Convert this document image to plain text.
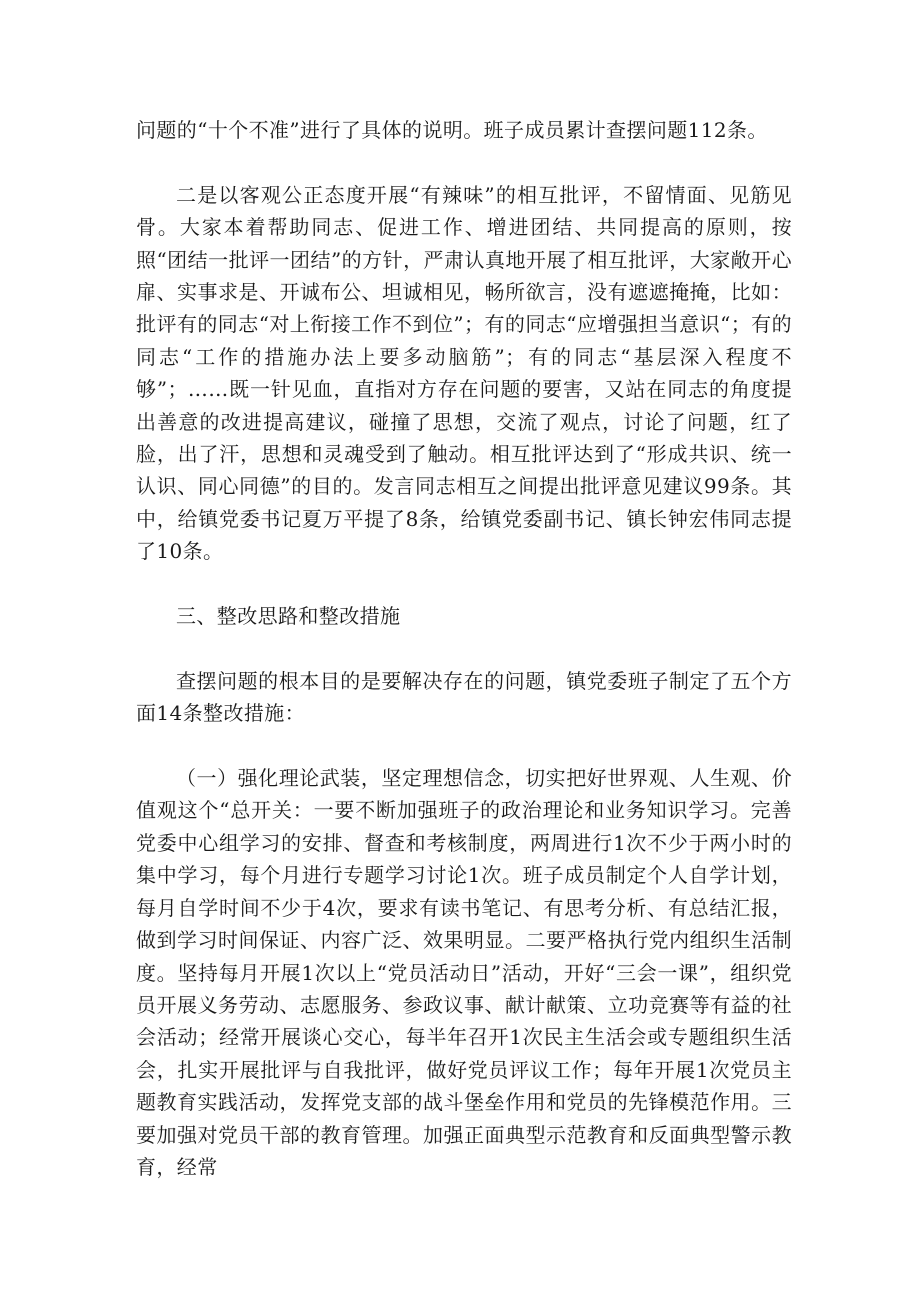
问题的“十个不准”进行了具体的说明。班子成员累计查摆问题112条。

二是以客观公正态度开展“有辣味”的相互批评，不留情面、见筋见骨。大家本着帮助同志、促进工作、增进团结、共同提高的原则，按照“团结一批评一团结”的方针，严肃认真地开展了相互批评，大家敞开心扉、实事求是、开诚布公、坦诚相见，畅所欲言，没有遮遮掩掩，比如：批评有的同志“对上衔接工作不到位”；有的同志“应增强担当意识“；有的同志“工作的措施办法上要多动脑筋”；有的同志“基层深入程度不够”；……既一针见血，直指对方存在问题的要害，又站在同志的角度提出善意的改进提高建议，碰撞了思想，交流了观点，讨论了问题，红了脸，出了汗，思想和灵魂受到了触动。相互批评达到了“形成共识、统一认识、同心同德”的目的。发言同志相互之间提出批评意见建议99条。其中，给镇党委书记夏万平提了8条，给镇党委副书记、镇长钟宏伟同志提了10条。

三、整改思路和整改措施

查摆问题的根本目的是要解决存在的问题，镇党委班子制定了五个方面14条整改措施：

（一）强化理论武装，坚定理想信念，切实把好世界观、人生观、价值观这个“总开关：一要不断加强班子的政治理论和业务知识学习。完善党委中心组学习的安排、督查和考核制度，两周进行1次不少于两小时的集中学习，每个月进行专题学习讨论1次。班子成员制定个人自学计划，每月自学时间不少于4次，要求有读书笔记、有思考分析、有总结汇报，做到学习时间保证、内容广泛、效果明显。二要严格执行党内组织生活制度。坚持每月开展1次以上“党员活动日”活动，开好“三会一课”，组织党员开展义务劳动、志愿服务、参政议事、献计献策、立功竞赛等有益的社会活动；经常开展谈心交心，每半年召开1次民主生活会或专题组织生活会，扎实开展批评与自我批评，做好党员评议工作；每年开展1次党员主题教育实践活动，发挥党支部的战斗堡垒作用和党员的先锋模范作用。三要加强对党员干部的教育管理。加强正面典型示范教育和反面典型警示教育，经常
